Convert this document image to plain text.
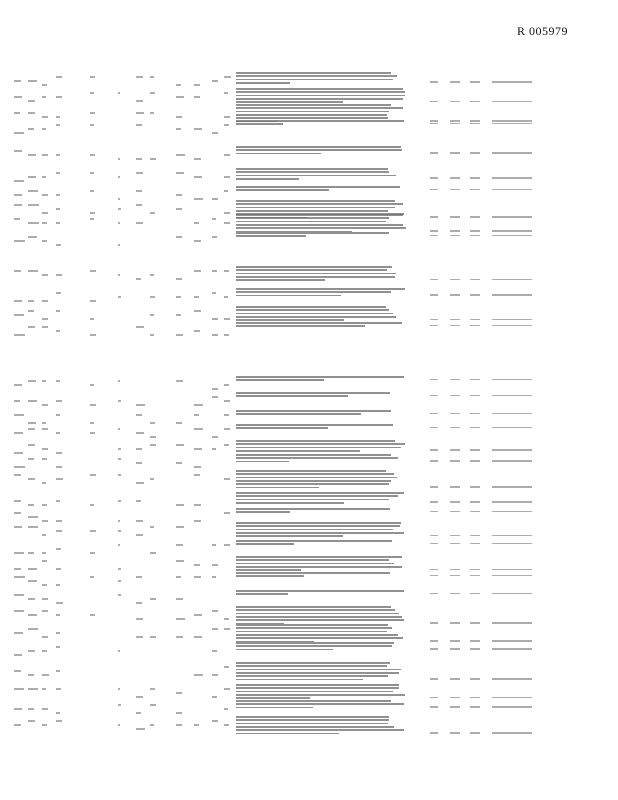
R 005979
